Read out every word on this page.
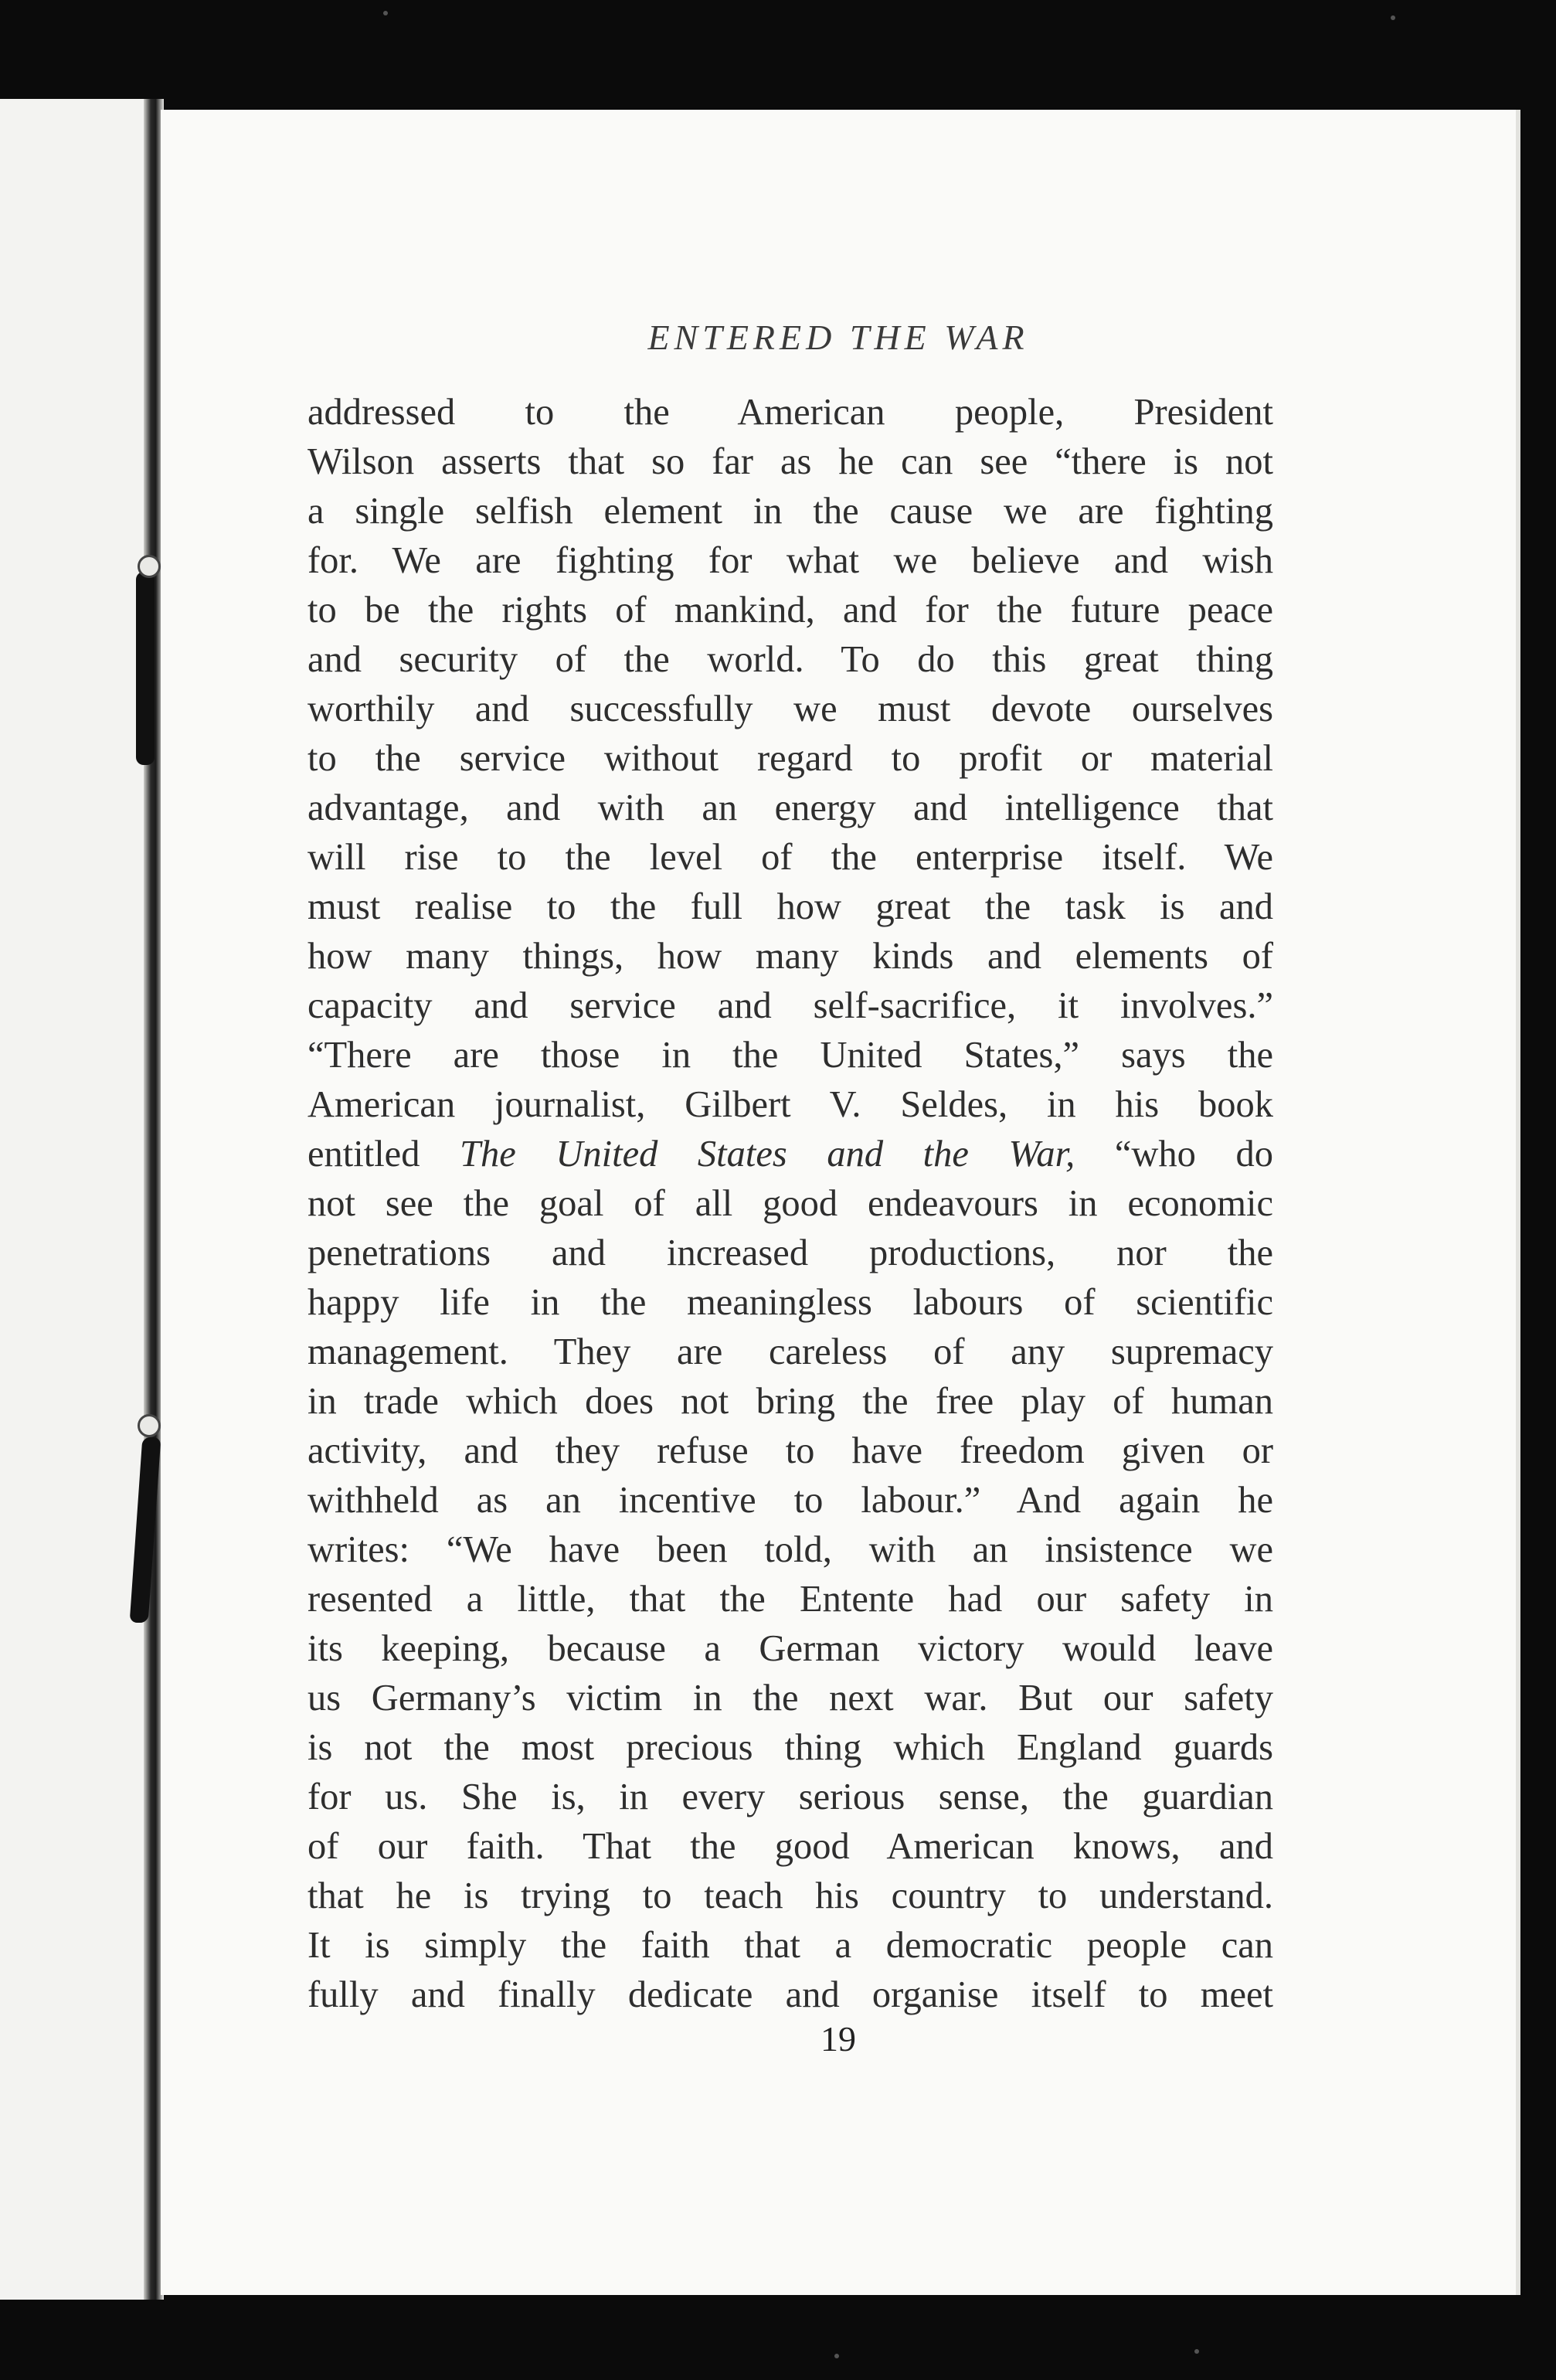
ENTERED THE WAR
addressed to the American people, President
Wilson asserts that so far as he can see “there is not
a single selfish element in the cause we are fighting
for. We are fighting for what we believe and wish
to be the rights of mankind, and for the future peace
and security of the world. To do this great thing
worthily and successfully we must devote ourselves
to the service without regard to profit or material
advantage, and with an energy and intelligence that
will rise to the level of the enterprise itself. We
must realise to the full how great the task is and
how many things, how many kinds and elements of
capacity and service and self-sacrifice, it involves.”
“There are those in the United States,” says the
American journalist, Gilbert V. Seldes, in his book
entitled The United States and the War, “who do
not see the goal of all good endeavours in economic
penetrations and increased productions, nor the
happy life in the meaningless labours of scientific
management. They are careless of any supremacy
in trade which does not bring the free play of human
activity, and they refuse to have freedom given or
withheld as an incentive to labour.” And again he
writes: “We have been told, with an insistence we
resented a little, that the Entente had our safety in
its keeping, because a German victory would leave
us Germany’s victim in the next war. But our safety
is not the most precious thing which England guards
for us. She is, in every serious sense, the guardian
of our faith. That the good American knows, and
that he is trying to teach his country to understand.
It is simply the faith that a democratic people can
fully and finally dedicate and organise itself to meet
19
